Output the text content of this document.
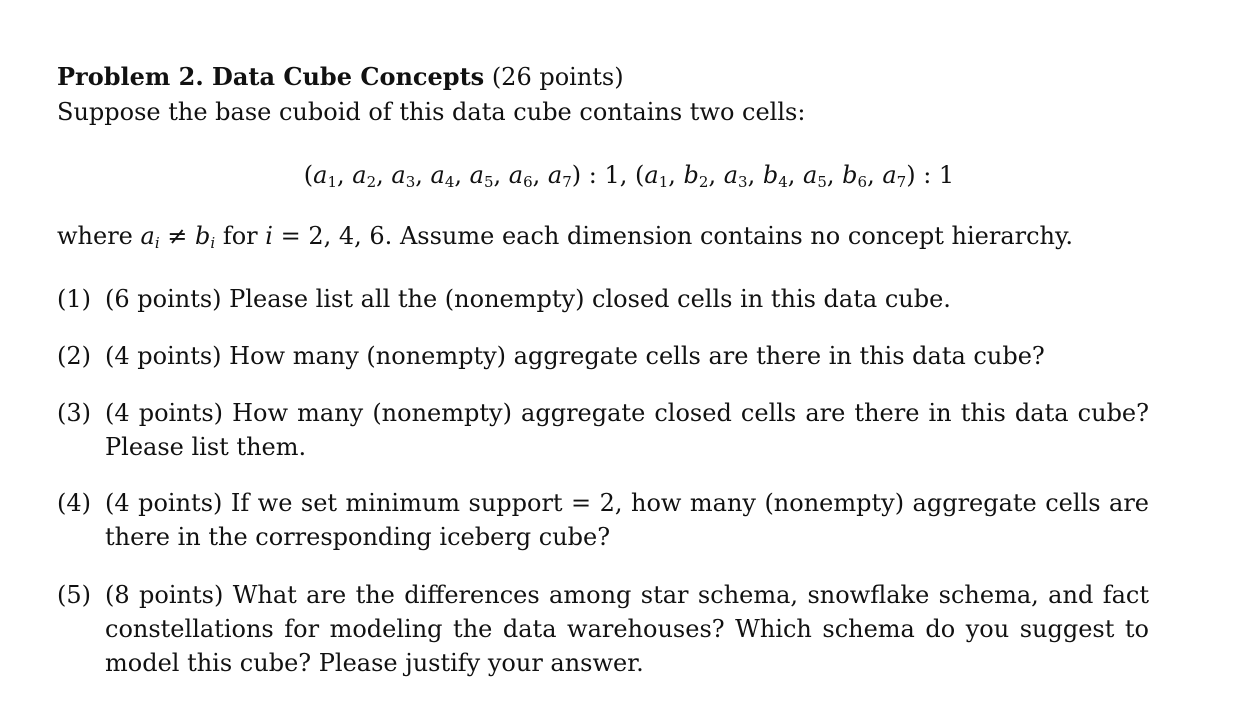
Problem 2. Data Cube Concepts (26 points)
Suppose the base cuboid of this data cube contains two cells:
($a_1$, $a_2$, $a_3$, $a_4$, $a_5$, $a_6$, $a_7$) : 1, ($a_1$, $b_2$, $a_3$, $b_4$, $a_5$, $b_6$, $a_7$) : 1
where $a_i \ne b_i$ for i = 2, 4, 6. Assume each dimension contains no concept hierarchy.
(1) (6 points) Please list all the (nonempty) closed cells in this data cube.
(2) (4 points) How many (nonempty) aggregate cells are there in this data cube?
(3) (4 points) How many (nonempty) aggregate closed cells are there in this data cube? Please list them.
(4) (4 points) If we set minimum support = 2, how many (nonempty) aggregate cells are there in the corresponding iceberg cube?
(5) (8 points) What are the differences among star schema, snowflake schema, and fact constellations for modeling the data warehouses? Which schema do you suggest to model this cube? Please justify your answer.
